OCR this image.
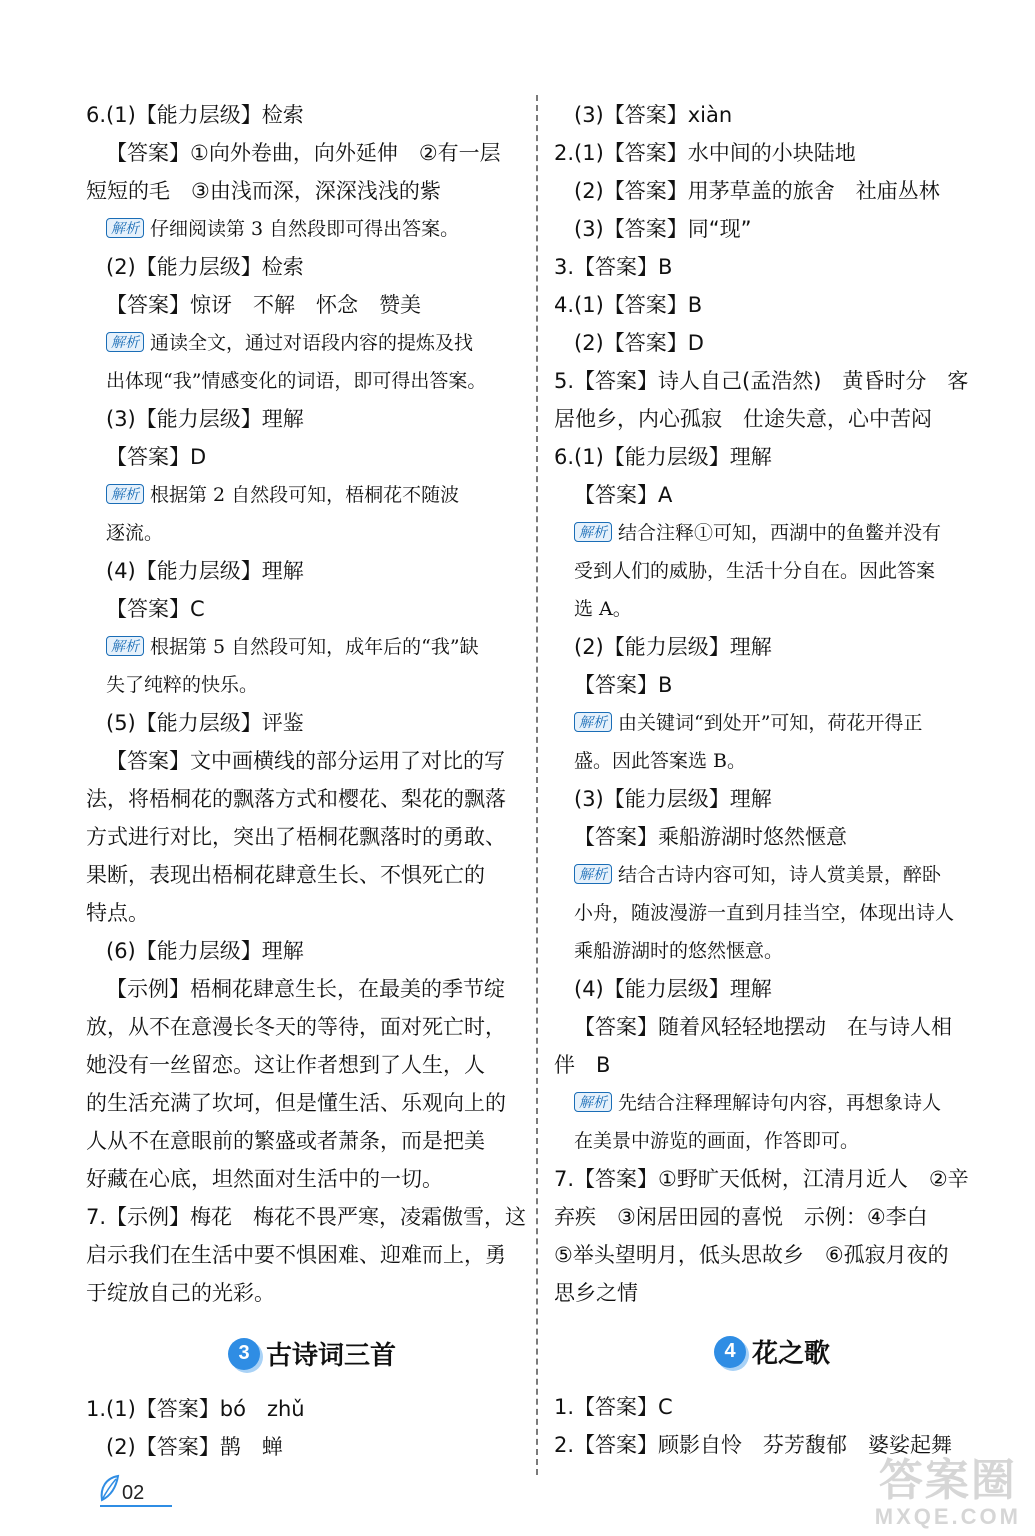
6.(1)【能力层级】检索
【答案】①向外卷曲，向外延伸　②有一层
短短的毛　③由浅而深，深深浅浅的紫
解析 仔细阅读第 3 自然段即可得出答案。
(2)【能力层级】检索
【答案】惊讶　不解　怀念　赞美
解析 通读全文，通过对语段内容的提炼及找
出体现“我”情感变化的词语，即可得出答案。
(3)【能力层级】理解
【答案】D
解析 根据第 2 自然段可知，梧桐花不随波
逐流。
(4)【能力层级】理解
【答案】C
解析 根据第 5 自然段可知，成年后的“我”缺
失了纯粹的快乐。
(5)【能力层级】评鉴
【答案】文中画横线的部分运用了对比的写
法，将梧桐花的飘落方式和樱花、梨花的飘落
方式进行对比，突出了梧桐花飘落时的勇敢、
果断，表现出梧桐花肆意生长、不惧死亡的
特点。
(6)【能力层级】理解
【示例】梧桐花肆意生长，在最美的季节绽
放，从不在意漫长冬天的等待，面对死亡时，
她没有一丝留恋。这让作者想到了人生，人
的生活充满了坎坷，但是懂生活、乐观向上的
人从不在意眼前的繁盛或者萧条，而是把美
好藏在心底，坦然面对生活中的一切。
7.【示例】梅花　梅花不畏严寒，凌霜傲雪，这
启示我们在生活中要不惧困难、迎难而上，勇
于绽放自己的光彩。
1.(1)【答案】bó　zhǔ
(2)【答案】鹊　蝉
(3)【答案】xiàn
2.(1)【答案】水中间的小块陆地
(2)【答案】用茅草盖的旅舍　社庙丛林
(3)【答案】同“现”
3.【答案】B
4.(1)【答案】B
(2)【答案】D
5.【答案】诗人自己(孟浩然)　黄昏时分　客
居他乡，内心孤寂　仕途失意，心中苦闷
6.(1)【能力层级】理解
【答案】A
解析 结合注释①可知，西湖中的鱼鳖并没有
受到人们的威胁，生活十分自在。因此答案
选 A。
(2)【能力层级】理解
【答案】B
解析 由关键词“到处开”可知，荷花开得正
盛。因此答案选 B。
(3)【能力层级】理解
【答案】乘船游湖时悠然惬意
解析 结合古诗内容可知，诗人赏美景，醉卧
小舟，随波漫游一直到月挂当空，体现出诗人
乘船游湖时的悠然惬意。
(4)【能力层级】理解
【答案】随着风轻轻地摆动　在与诗人相
伴　B
解析 先结合注释理解诗句内容，再想象诗人
在美景中游览的画面，作答即可。
7.【答案】①野旷天低树，江清月近人　②辛
弃疾　③闲居田园的喜悦　示例：④李白
⑤举头望明月，低头思故乡　⑥孤寂月夜的
思乡之情
1.【答案】C
2.【答案】顾影自怜　芬芳馥郁　婆娑起舞
3 古诗词三首	4 花之歌
02	答案圈
MXQE.COM
